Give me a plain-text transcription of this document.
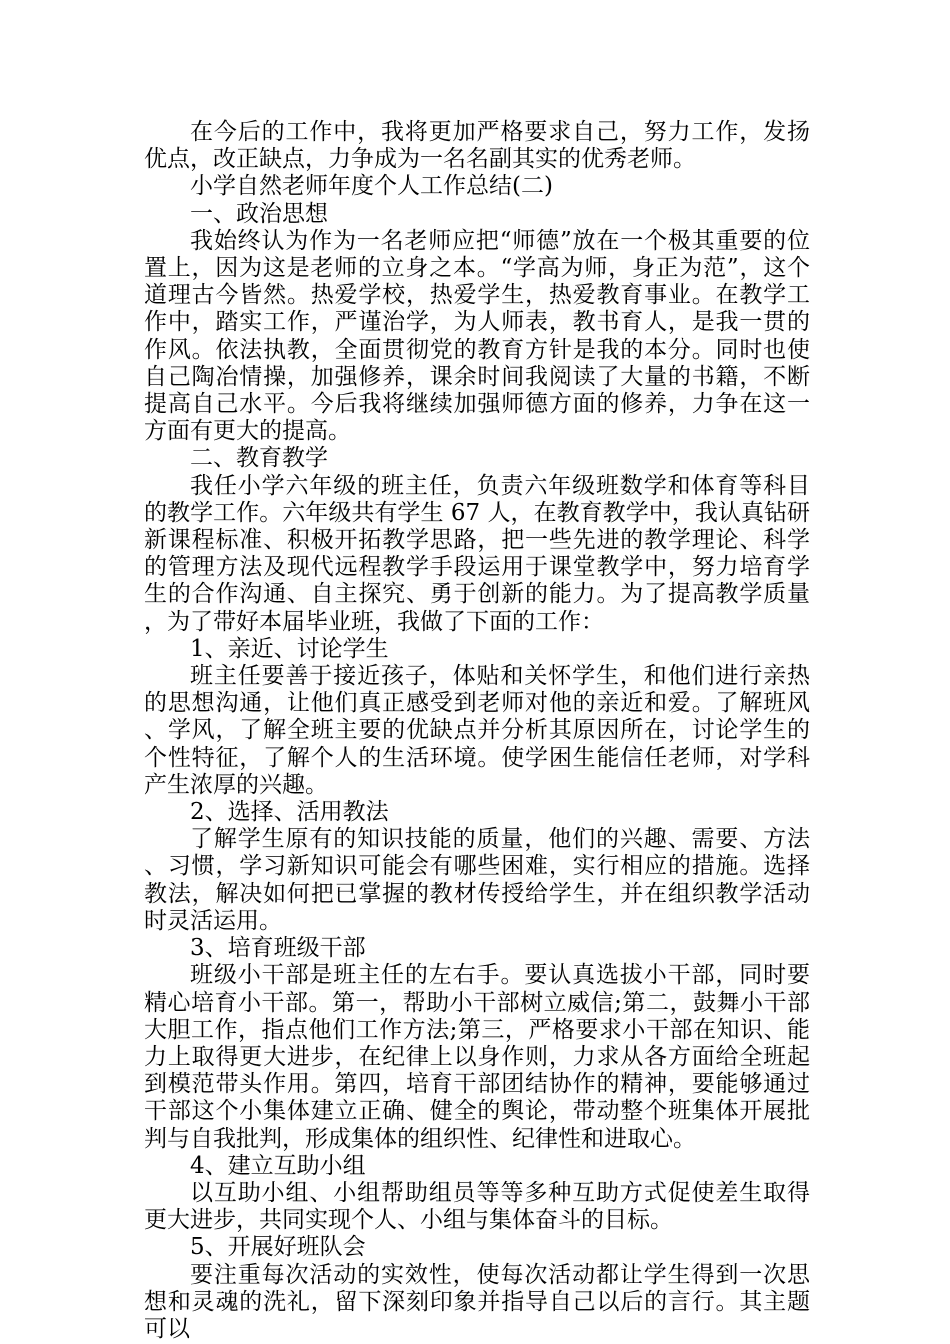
在今后的工作中，我将更加严格要求自己，努力工作，发扬优点，改正缺点，力争成为一名名副其实的优秀老师。

小学自然老师年度个人工作总结(二)

一、政治思想

我始终认为作为一名老师应把“师德”放在一个极其重要的位置上，因为这是老师的立身之本。“学高为师，身正为范”，这个道理古今皆然。热爱学校，热爱学生，热爱教育事业。在教学工作中，踏实工作，严谨治学，为人师表，教书育人，是我一贯的作风。依法执教，全面贯彻党的教育方针是我的本分。同时也使自己陶冶情操，加强修养，课余时间我阅读了大量的书籍，不断提高自己水平。今后我将继续加强师德方面的修养，力争在这一方面有更大的提高。

二、教育教学

我任小学六年级的班主任，负责六年级班数学和体育等科目的教学工作。六年级共有学生 67 人，在教育教学中，我认真钻研新课程标准、积极开拓教学思路，把一些先进的教学理论、科学的管理方法及现代远程教学手段运用于课堂教学中，努力培育学生的合作沟通、自主探究、勇于创新的能力。为了提高教学质量，为了带好本届毕业班，我做了下面的工作：

1、亲近、讨论学生

班主任要善于接近孩子，体贴和关怀学生，和他们进行亲热的思想沟通，让他们真正感受到老师对他的亲近和爱。了解班风、学风，了解全班主要的优缺点并分析其原因所在，讨论学生的个性特征，了解个人的生活环境。使学困生能信任老师，对学科产生浓厚的兴趣。

2、选择、活用教法

了解学生原有的知识技能的质量，他们的兴趣、需要、方法、习惯，学习新知识可能会有哪些困难，实行相应的措施。选择教法，解决如何把已掌握的教材传授给学生，并在组织教学活动时灵活运用。

3、培育班级干部

班级小干部是班主任的左右手。要认真选拔小干部，同时要精心培育小干部。第一，帮助小干部树立威信;第二，鼓舞小干部大胆工作，指点他们工作方法;第三，严格要求小干部在知识、能力上取得更大进步，在纪律上以身作则，力求从各方面给全班起到模范带头作用。第四，培育干部团结协作的精神，要能够通过干部这个小集体建立正确、健全的舆论，带动整个班集体开展批判与自我批判，形成集体的组织性、纪律性和进取心。

4、建立互助小组

以互助小组、小组帮助组员等等多种互助方式促使差生取得更大进步，共同实现个人、小组与集体奋斗的目标。

5、开展好班队会

要注重每次活动的实效性，使每次活动都让学生得到一次思想和灵魂的洗礼，留下深刻印象并指导自己以后的言行。其主题可以
